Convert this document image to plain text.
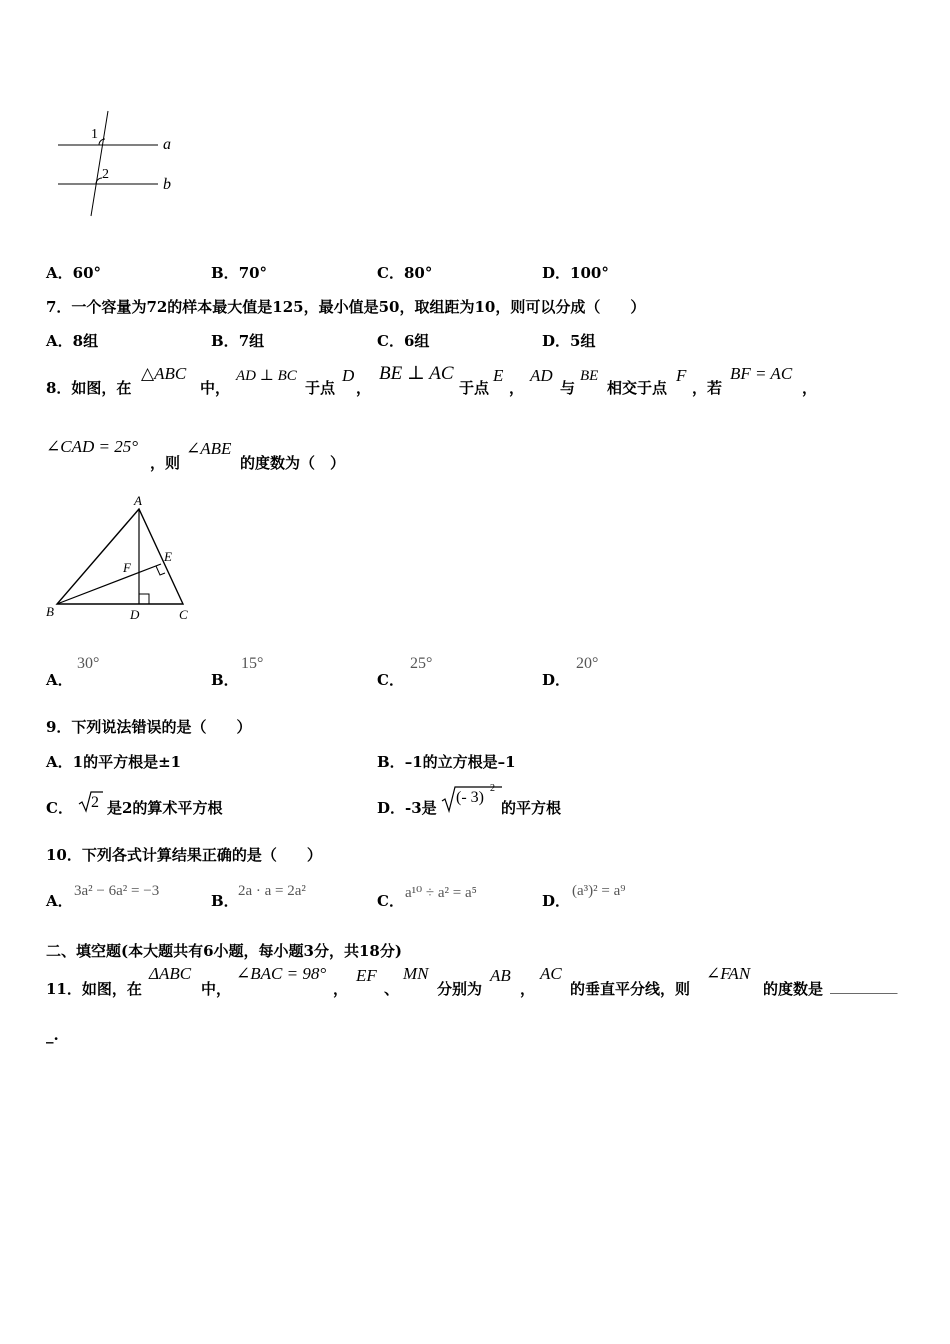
1
2
a
b
A．60°	B．70°	C．80°	D．100°
7．一个容量为72的样本最大值是125，最小值是50，取组距为10，则可以分成（　　）
A．8组	B．7组	C．6组	D．5组
8．如图，在
△ABC
中，
AD ⊥ BC
于点
D
，
BE ⊥ AC
于点
E
，
AD
与
BE
相交于点
F
，若
BF = AC
，
∠CAD = 25°
，则
∠ABE
的度数为（　）
A
B	C
D
E
F
A．
30°
B．
15°
C．
25°
D．
20°
9．下列说法错误的是（　　）
A．1的平方根是±1	B．–1的立方根是–1
C． 2 是2的算术平方根	D． -3是
(- 3)
2
的平方根
10．下列各式计算结果正确的是（　　）
A．
3a² − 6a² = −3
B．
2a · a = 2a²
C． a¹⁰ ÷ a² = a⁵	D．
(a³)² = a⁹
二、填空题(本大题共有6小题，每小题3分，共18分)
11．如图，在
ΔABC
中，
∠BAC = 98°
，
EF
、
MN
分别为
AB
，
AC
的垂直平分线，则
∠FAN
的度数是 _________
_.
